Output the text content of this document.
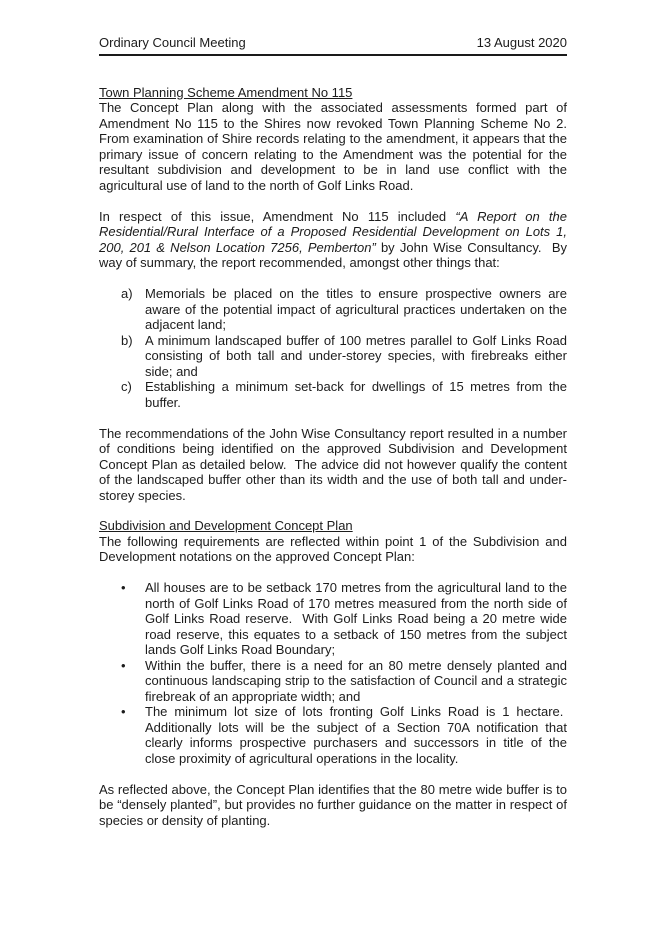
Ordinary Council Meeting	13 August 2020
Town Planning Scheme Amendment No 115

The Concept Plan along with the associated assessments formed part of Amendment No 115 to the Shires now revoked Town Planning Scheme No 2. From examination of Shire records relating to the amendment, it appears that the primary issue of concern relating to the Amendment was the potential for the resultant subdivision and development to be in land use conflict with the agricultural use of land to the north of Golf Links Road.

In respect of this issue, Amendment No 115 included “A Report on the Residential/Rural Interface of a Proposed Residential Development on Lots 1, 200, 201 & Nelson Location 7256, Pemberton” by John Wise Consultancy.  By way of summary, the report recommended, amongst other things that:

a) Memorials be placed on the titles to ensure prospective owners are aware of the potential impact of agricultural practices undertaken on the adjacent land;
b) A minimum landscaped buffer of 100 metres parallel to Golf Links Road consisting of both tall and under-storey species, with firebreaks either side; and
c) Establishing a minimum set-back for dwellings of 15 metres from the buffer.

The recommendations of the John Wise Consultancy report resulted in a number of conditions being identified on the approved Subdivision and Development Concept Plan as detailed below.  The advice did not however qualify the content of the landscaped buffer other than its width and the use of both tall and under-storey species.

Subdivision and Development Concept Plan

The following requirements are reflected within point 1 of the Subdivision and Development notations on the approved Concept Plan:

• All houses are to be setback 170 metres from the agricultural land to the north of Golf Links Road of 170 metres measured from the north side of Golf Links Road reserve.  With Golf Links Road being a 20 metre wide road reserve, this equates to a setback of 150 metres from the subject lands Golf Links Road Boundary;
• Within the buffer, there is a need for an 80 metre densely planted and continuous landscaping strip to the satisfaction of Council and a strategic firebreak of an appropriate width; and
• The minimum lot size of lots fronting Golf Links Road is 1 hectare.  Additionally lots will be the subject of a Section 70A notification that clearly informs prospective purchasers and successors in title of the close proximity of agricultural operations in the locality.

As reflected above, the Concept Plan identifies that the 80 metre wide buffer is to be “densely planted”, but provides no further guidance on the matter in respect of species or density of planting.
